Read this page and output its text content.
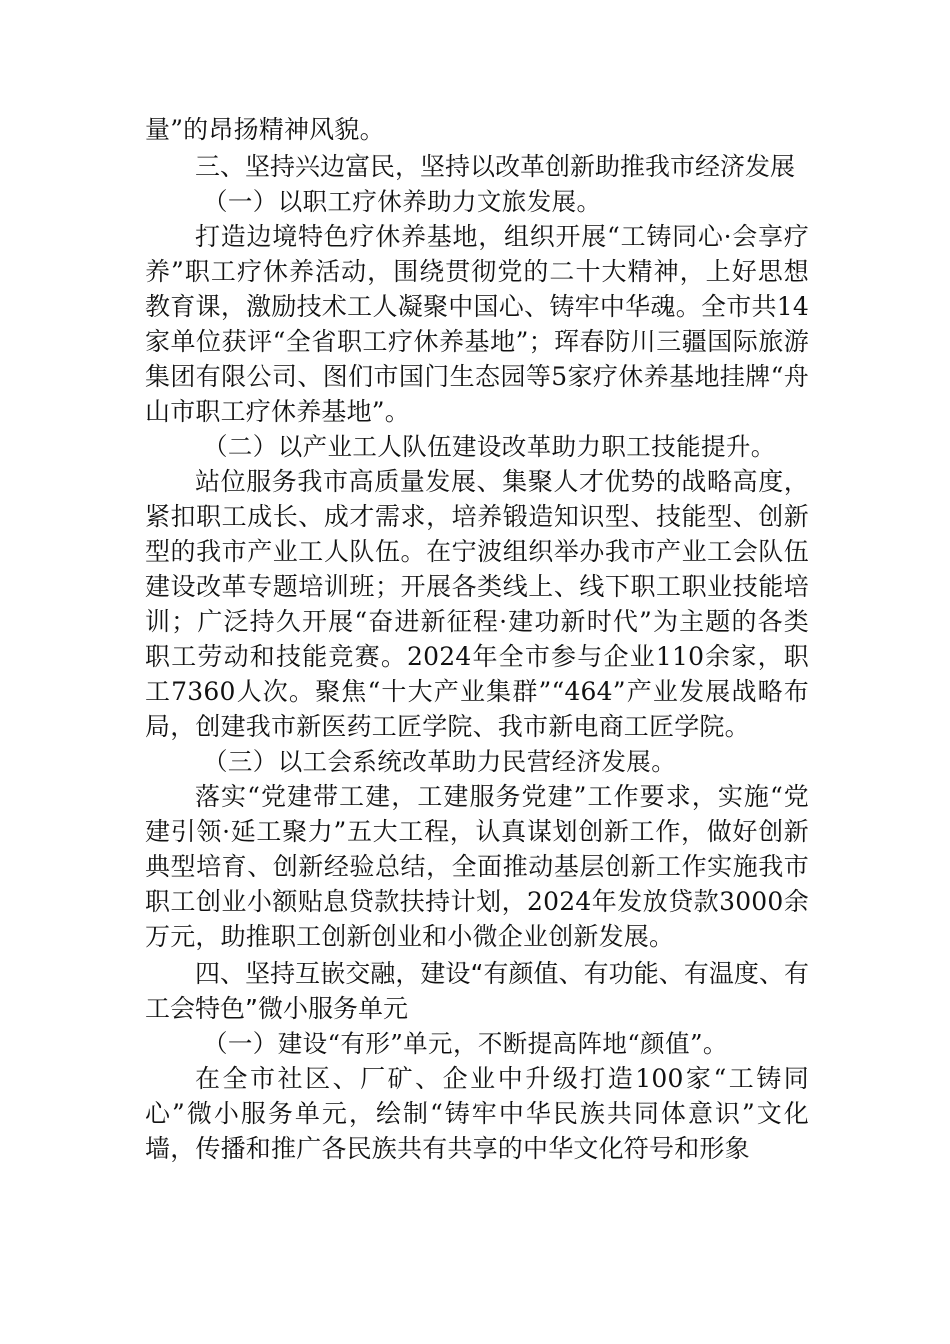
量”的昂扬精神风貌。

三、坚持兴边富民，坚持以改革创新助推我市经济发展

（一）以职工疗休养助力文旅发展。

打造边境特色疗休养基地，组织开展“工铸同心·会享疗养”职工疗休养活动，围绕贯彻党的二十大精神，上好思想教育课，激励技术工人凝聚中国心、铸牢中华魂。全市共14家单位获评“全省职工疗休养基地”；珲春防川三疆国际旅游集团有限公司、图们市国门生态园等5家疗休养基地挂牌“舟山市职工疗休养基地”。

（二）以产业工人队伍建设改革助力职工技能提升。

站位服务我市高质量发展、集聚人才优势的战略高度，紧扣职工成长、成才需求，培养锻造知识型、技能型、创新型的我市产业工人队伍。在宁波组织举办我市产业工会队伍建设改革专题培训班；开展各类线上、线下职工职业技能培训；广泛持久开展“奋进新征程·建功新时代”为主题的各类职工劳动和技能竞赛。2024年全市参与企业110余家，职工7360人次。聚焦“十大产业集群”“464”产业发展战略布局，创建我市新医药工匠学院、我市新电商工匠学院。

（三）以工会系统改革助力民营经济发展。

落实“党建带工建，工建服务党建”工作要求，实施“党建引领·延工聚力”五大工程，认真谋划创新工作，做好创新典型培育、创新经验总结，全面推动基层创新工作实施我市职工创业小额贴息贷款扶持计划，2024年发放贷款3000余万元，助推职工创新创业和小微企业创新发展。

四、坚持互嵌交融，建设“有颜值、有功能、有温度、有工会特色”微小服务单元

（一）建设“有形”单元，不断提高阵地“颜值”。

在全市社区、厂矿、企业中升级打造100家“工铸同心”微小服务单元，绘制“铸牢中华民族共同体意识”文化墙，传播和推广各民族共有共享的中华文化符号和形象
